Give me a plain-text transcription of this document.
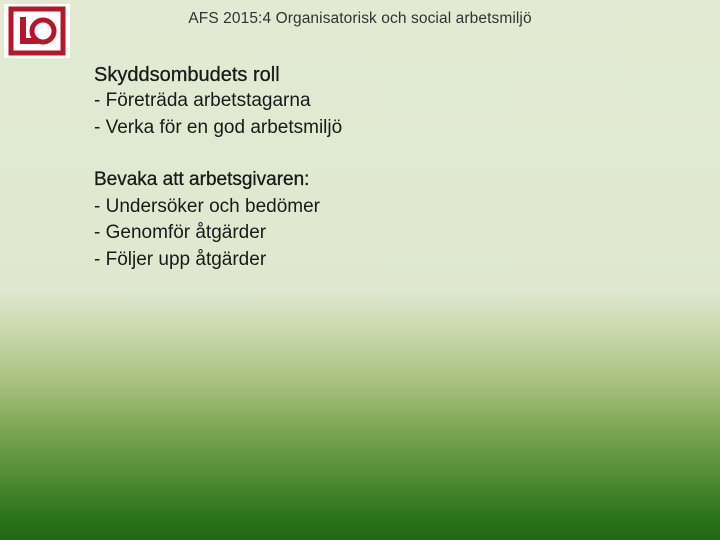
AFS 2015:4 Organisatorisk och social arbetsmiljö

Skyddsombudets roll

- Företräda arbetstagarna

- Verka för en god arbetsmiljö

Bevaka att arbetsgivaren:

- Undersöker och bedömer

- Genomför åtgärder

- Följer upp åtgärder
